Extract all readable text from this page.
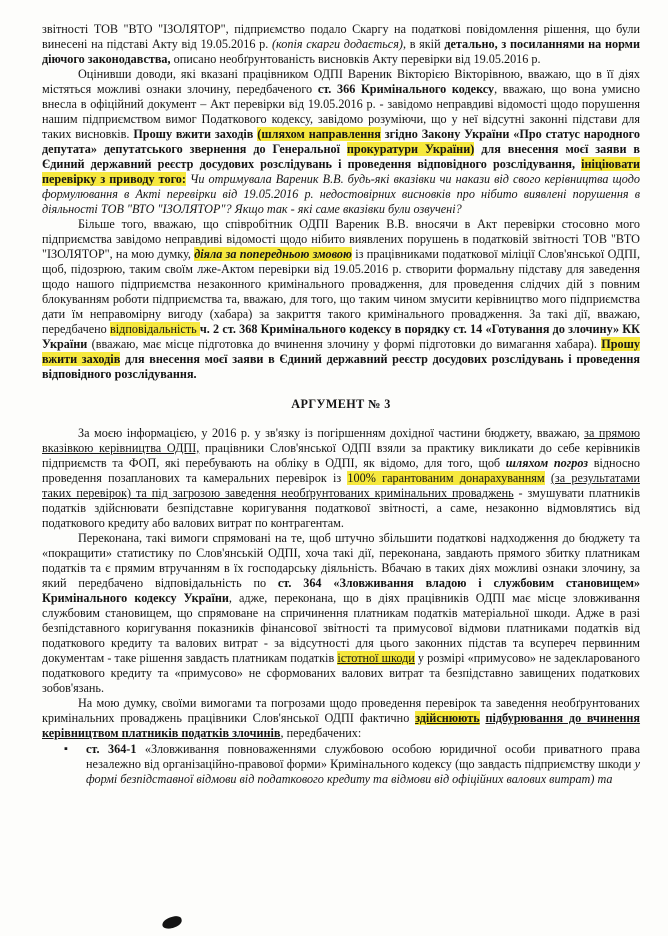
звітності ТОВ "ВТО "ІЗОЛЯТОР", підприємство подало Скаргу на податкові повідомлення рішення, що були винесені на підставі Акту від 19.05.2016 р. (копія скарги додається), в якій детально, з посиланнями на норми діючого законодавства, описано необґрунтованість висновків Акту перевірки від 19.05.2016 р.

Оцінивши доводи, які вказані працівником ОДПІ Вареник Вікторією Вікторівною, вважаю, що в її діях містяться можливі ознаки злочину, передбаченого ст. 366 Кримінального кодексу, вважаю, що вона умисно внесла в офіційний документ – Акт перевірки від 19.05.2016 р. - завідомо неправдиві відомості щодо порушення нашим підприємством вимог Податкового кодексу, завідомо розуміючи, що у неї відсутні законні підстави для таких висновків. Прошу вжити заходів (шляхом направлення згідно Закону України «Про статус народного депутата» депутатського звернення до Генеральної прокуратури України) для внесення моєї заяви в Єдиний державний реєстр досудових розслідувань і проведення відповідного розслідування, ініціювати перевірку з приводу того: Чи отримувала Вареник В.В. будь-які вказівки чи накази від свого керівництва щодо формулювання в Акті перевірки від 19.05.2016 р. недостовірних висновків про нібито виявлені порушення в діяльності ТОВ "ВТО "ІЗОЛЯТОР"? Якщо так - які саме вказівки були озвучені?

Більше того, вважаю, що співробітник ОДПІ Вареник В.В. вносячи в Акт перевірки стосовно мого підприємства завідомо неправдиві відомості щодо нібито виявлених порушень в податковій звітності ТОВ "ВТО "ІЗОЛЯТОР", на мою думку, діяла за попередньою змовою із працівниками податкової міліції Слов'янської ОДПІ, щоб, підозрюю, таким своїм лже-Актом перевірки від 19.05.2016 р. створити формальну підставу для заведення щодо нашого підприємства незаконного кримінального провадження, для проведення слідчих дій з повним блокуванням роботи підприємства та, вважаю, для того, що таким чином змусити керівництво мого підприємства дати їм неправомірну вигоду (хабара) за закриття такого кримінального провадження. За такі дії, вважаю, передбачено відповідальність ч. 2 ст. 368 Кримінального кодексу в порядку ст. 14 «Готування до злочину» КК України (вважаю, має місце підготовка до вчинення злочину у формі підготовки до вимагання хабара). Прошу вжити заходів для внесення моєї заяви в Єдиний державний реєстр досудових розслідувань і проведення відповідного розслідування.

АРГУМЕНТ № 3

За моєю інформацією, у 2016 р. у зв'язку із погіршенням дохідної частини бюджету, вважаю, за прямою вказівкою керівництва ОДПІ, працівники Слов'янської ОДПІ взяли за практику викликати до себе керівників підприємств та ФОП, які перебувають на обліку в ОДПІ, як відомо, для того, щоб шляхом погроз відносно проведення позапланових та камеральних перевірок із 100% гарантованим донарахуванням (за результатами таких перевірок) та під загрозою заведення необґрунтованих кримінальних проваджень - змушувати платників податків здійснювати безпідставне коригування податкової звітності, а саме, незаконно відмовлятись від податкового кредиту або валових витрат по контрагентам.

Переконана, такі вимоги спрямовані на те, щоб штучно збільшити податкові надходження до бюджету та «покращити» статистику по Слов'янській ОДПІ, хоча такі дії, переконана, завдають прямого збитку платникам податків та є прямим втручанням в їх господарську діяльність. Вбачаю в таких діях можливі ознаки злочину, за який передбачено відповідальність по ст. 364 «Зловживання владою і службовим становищем» Кримінального кодексу України, адже, переконана, що в діях працівників ОДПІ має місце зловживання службовим становищем, що спрямоване на спричинення платникам податків матеріальної шкоди. Адже в разі безпідставного коригування показників фінансової звітності та примусової відмови платниками податків від податкового кредиту та валових витрат - за відсутності для цього законних підстав та всупереч первинним документам - таке рішення завдасть платникам податків істотної шкоди у розмірі «примусово» не задекларованого податкового кредиту та «примусово» не сформованих валових витрат та безпідставно завищених податкових зобов'язань.

На мою думку, своїми вимогами та погрозами щодо проведення перевірок та заведення необґрунтованих кримінальних проваджень працівники Слов'янської ОДПІ фактично здійснюють підбурювання до вчинення керівництвом платників податків злочинів, передбачених:

▪ ст. 364-1 «Зловживання повноваженнями службовою особою юридичної особи приватного права незалежно від організаційно-правової форми» Кримінального кодексу (що завдасть підприємству шкоди у формі безпідставної відмови від податкового кредиту та відмови від офіційних валових витрат) та
